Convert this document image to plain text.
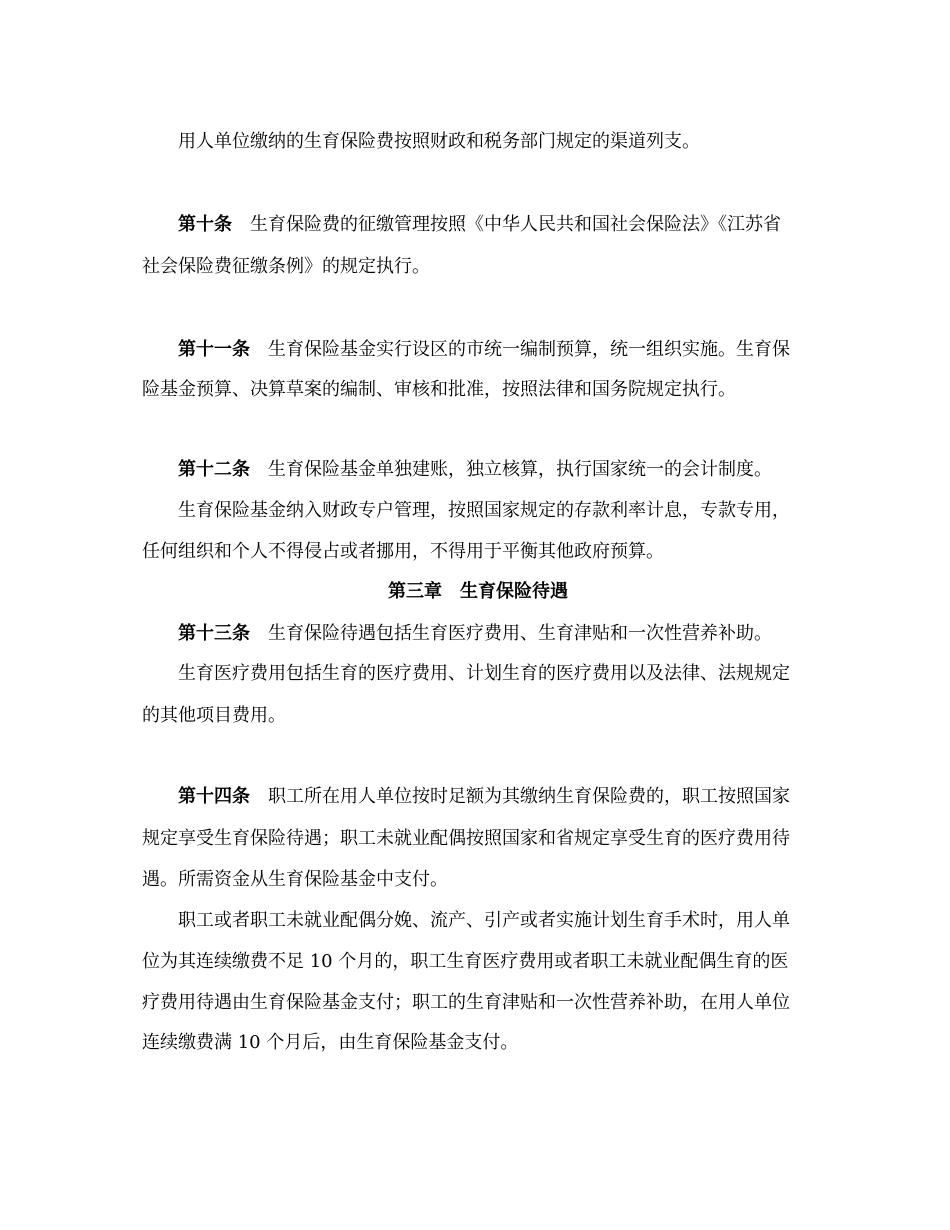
用人单位缴纳的生育保险费按照财政和税务部门规定的渠道列支。
第十条 生育保险费的征缴管理按照《中华人民共和国社会保险法》《江苏省
社会保险费征缴条例》的规定执行。
第十一条 生育保险基金实行设区的市统一编制预算，统一组织实施。生育保
险基金预算、决算草案的编制、审核和批准，按照法律和国务院规定执行。
第十二条 生育保险基金单独建账，独立核算，执行国家统一的会计制度。
生育保险基金纳入财政专户管理，按照国家规定的存款利率计息，专款专用，
任何组织和个人不得侵占或者挪用，不得用于平衡其他政府预算。
第三章　生育保险待遇
第十三条 生育保险待遇包括生育医疗费用、生育津贴和一次性营养补助。
生育医疗费用包括生育的医疗费用、计划生育的医疗费用以及法律、法规规定
的其他项目费用。
第十四条 职工所在用人单位按时足额为其缴纳生育保险费的，职工按照国家
规定享受生育保险待遇；职工未就业配偶按照国家和省规定享受生育的医疗费用待
遇。所需资金从生育保险基金中支付。
职工或者职工未就业配偶分娩、流产、引产或者实施计划生育手术时，用人单
位为其连续缴费不足 10 个月的，职工生育医疗费用或者职工未就业配偶生育的医
疗费用待遇由生育保险基金支付；职工的生育津贴和一次性营养补助，在用人单位
连续缴费满 10 个月后，由生育保险基金支付。
